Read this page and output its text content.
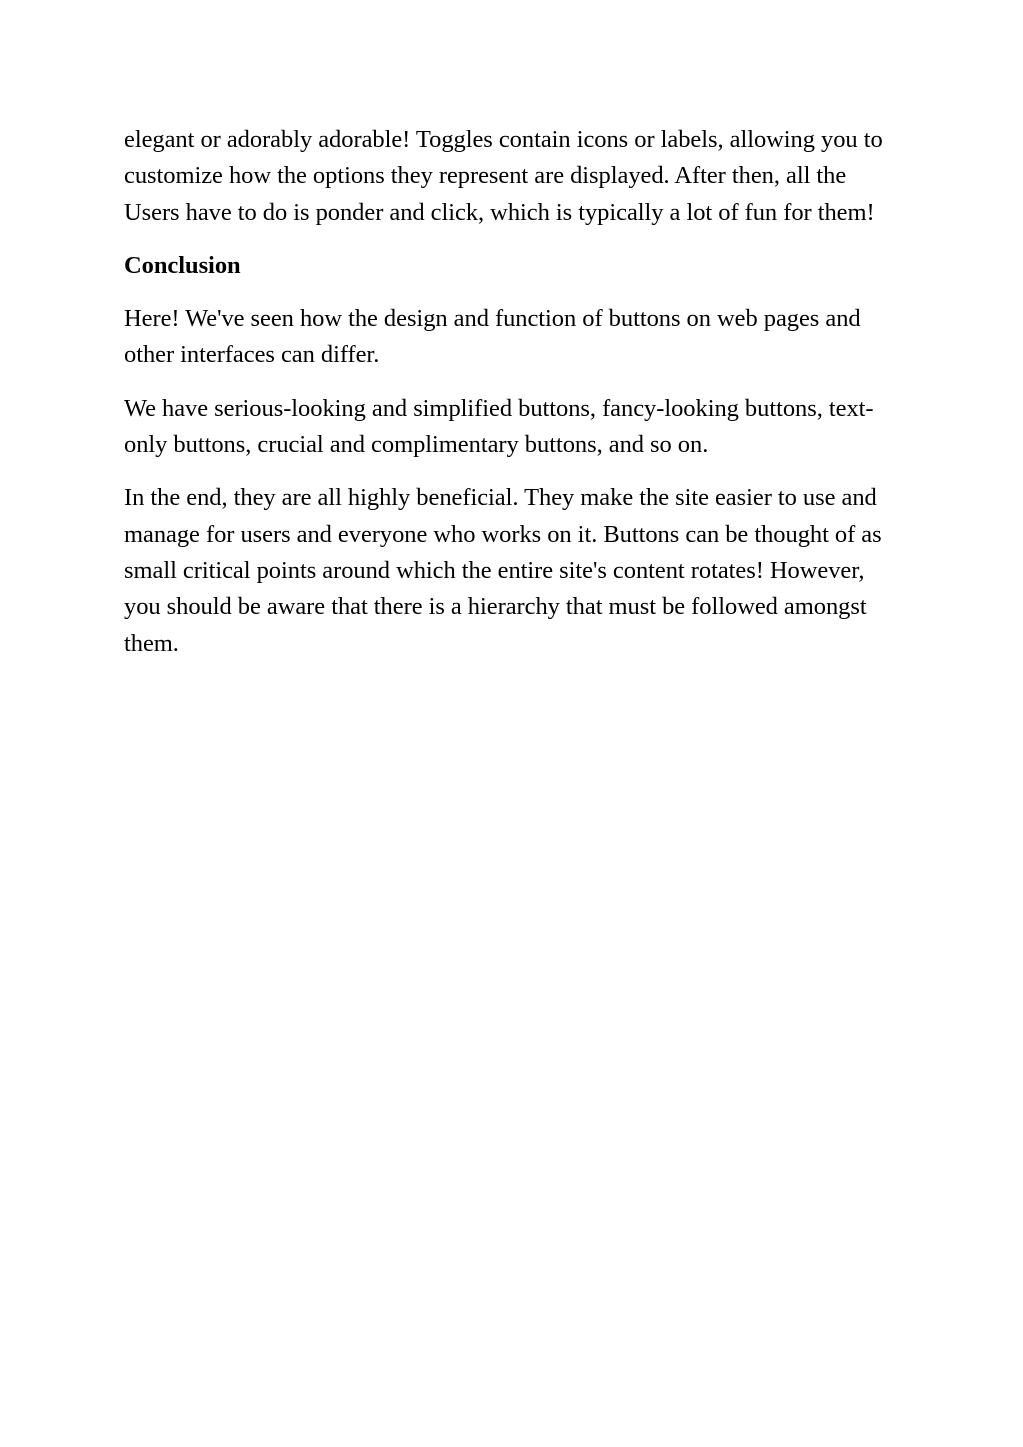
elegant or adorably adorable! Toggles contain icons or labels, allowing you to customize how the options they represent are displayed. After then, all the Users have to do is ponder and click, which is typically a lot of fun for them!

Conclusion

Here! We've seen how the design and function of buttons on web pages and other interfaces can differ.

We have serious-looking and simplified buttons, fancy-looking buttons, text-only buttons, crucial and complimentary buttons, and so on.

In the end, they are all highly beneficial. They make the site easier to use and manage for users and everyone who works on it. Buttons can be thought of as small critical points around which the entire site's content rotates! However, you should be aware that there is a hierarchy that must be followed amongst them.
